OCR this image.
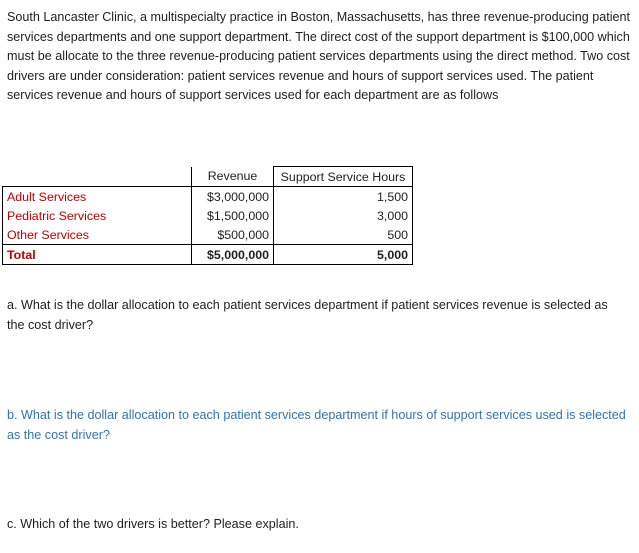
South Lancaster Clinic, a multispecialty practice in Boston, Massachusetts, has three revenue-producing patient services departments and one support department. The direct cost of the support department is $100,000 which must be allocate to the three revenue-producing patient services departments using the direct method. Two cost drivers are under consideration: patient services revenue and hours of support services used. The patient services revenue and hours of support services used for each department are as follows

	Revenue	Support Service Hours
Adult Services	$3,000,000	1,500
Pediatric Services	$1,500,000	3,000
Other Services	$500,000	500
Total	$5,000,000	5,000

a. What is the dollar allocation to each patient services department if patient services revenue is selected as the cost driver?

b. What is the dollar allocation to each patient services department if hours of support services used is selected as the cost driver?

c. Which of the two drivers is better? Please explain.
